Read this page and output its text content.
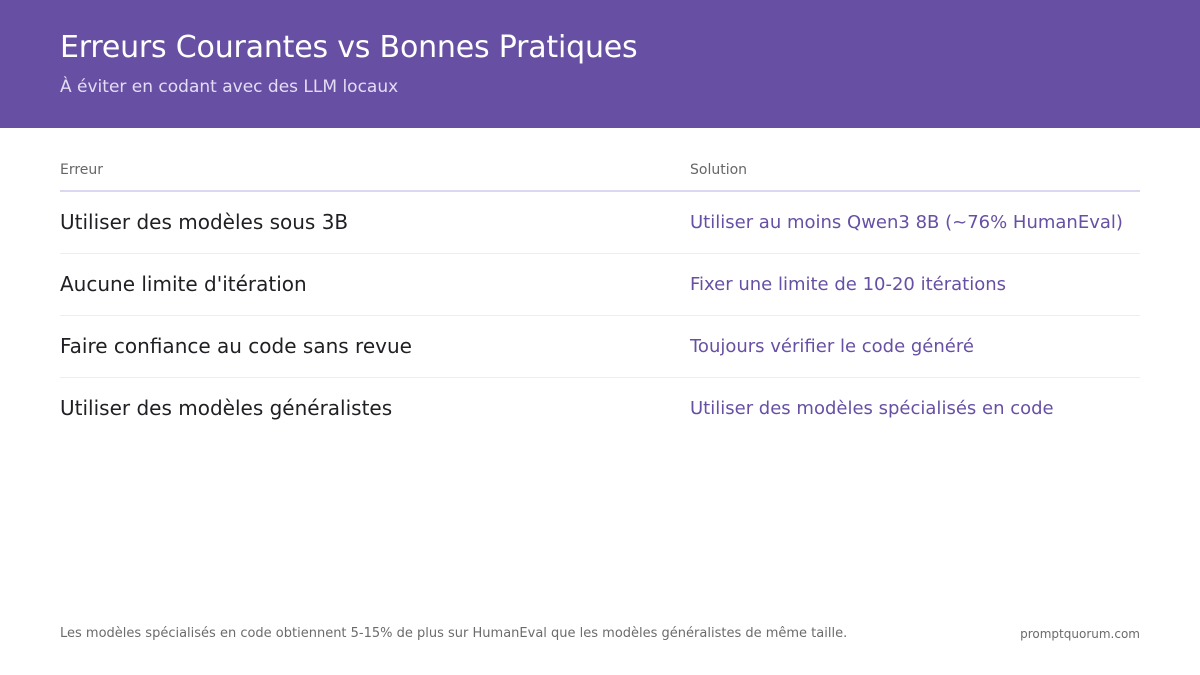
Erreurs Courantes vs Bonnes Pratiques
À éviter en codant avec des LLM locaux
Erreur	Solution
Utiliser des modèles sous 3B	Utiliser au moins Qwen3 8B (~76% HumanEval)
Aucune limite d'itération	Fixer une limite de 10-20 itérations
Faire confiance au code sans revue	Toujours vérifier le code généré
Utiliser des modèles généralistes	Utiliser des modèles spécialisés en code
Les modèles spécialisés en code obtiennent 5-15% de plus sur HumanEval que les modèles généralistes de même taille.	promptquorum.com
